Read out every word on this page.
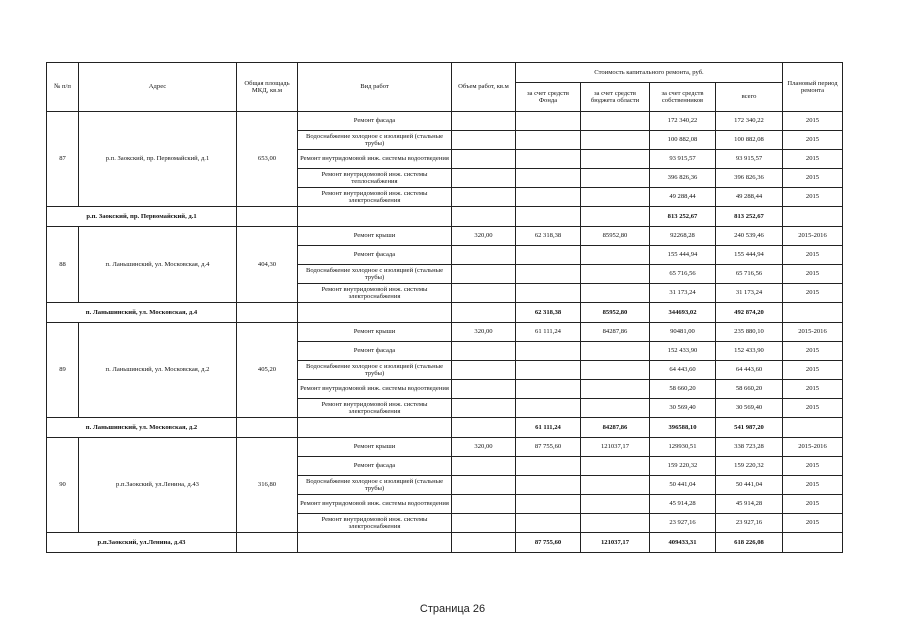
№ п/п	Адрес	Общая площадь МКД, кв.м	Вид работ	Объем работ, кв.м	Стоимость капитального ремонта, руб.				Плановый период ремонта
					за счет средств Фонда	за счет средств бюджета области	за счет средств собственников	всего	
87	р.п. Заокский, пр. Первомайский, д.1	653,00	Ремонт фасада				172 340,22	172 340,22	2015
			Водоснабжение холодное с изоляцией (стальные трубы)				100 882,08	100 882,08	2015
			Ремонт внутридомовой инж. системы водоотведения				93 915,57	93 915,57	2015
			Ремонт внутридомовой инж. системы теплоснабжения				396 826,36	396 826,36	2015
			Ремонт внутридомовой инж. системы электроснабжения				49 288,44	49 288,44	2015
р.п. Заокский, пр. Первомайский, д.1							813 252,67	813 252,67	
88	п. Ланьшинский, ул. Московская, д.4	404,30	Ремонт крыши	320,00	62 318,38	85952,80	92268,28	240 539,46	2015-2016
			Ремонт фасада				155 444,94	155 444,94	2015
			Водоснабжение холодное с изоляцией (стальные трубы)				65 716,56	65 716,56	2015
			Ремонт внутридомовой инж. системы электроснабжения				31 173,24	31 173,24	2015
п. Ланьшинский, ул. Московская, д.4					62 318,38	85952,80	344693,02	492 874,20	
89	п. Ланьшинский, ул. Московская, д.2	405,20	Ремонт крыши	320,00	61 111,24	84287,86	90481,00	235 880,10	2015-2016
			Ремонт фасада				152 433,90	152 433,90	2015
			Водоснабжение холодное с изоляцией (стальные трубы)				64 443,60	64 443,60	2015
			Ремонт внутридомовой инж. системы водоотведения				58 660,20	58 660,20	2015
			Ремонт внутридомовой инж. системы электроснабжения				30 569,40	30 569,40	2015
п. Ланьшинский, ул. Московская, д.2					61 111,24	84287,86	396588,10	541 987,20	
90	р.п.Заокский, ул.Ленина, д.43	316,80	Ремонт крыши	320,00	87 755,60	121037,17	129930,51	338 723,28	2015-2016
			Ремонт фасада				159 220,32	159 220,32	2015
			Водоснабжение холодное с изоляцией (стальные трубы)				50 441,04	50 441,04	2015
			Ремонт внутридомовой инж. системы водоотведения				45 914,28	45 914,28	2015
			Ремонт внутридомовой инж. системы электроснабжения				23 927,16	23 927,16	2015
р.п.Заокский, ул.Ленина, д.43					87 755,60	121037,17	409433,31	618 226,08	
Страница 26
